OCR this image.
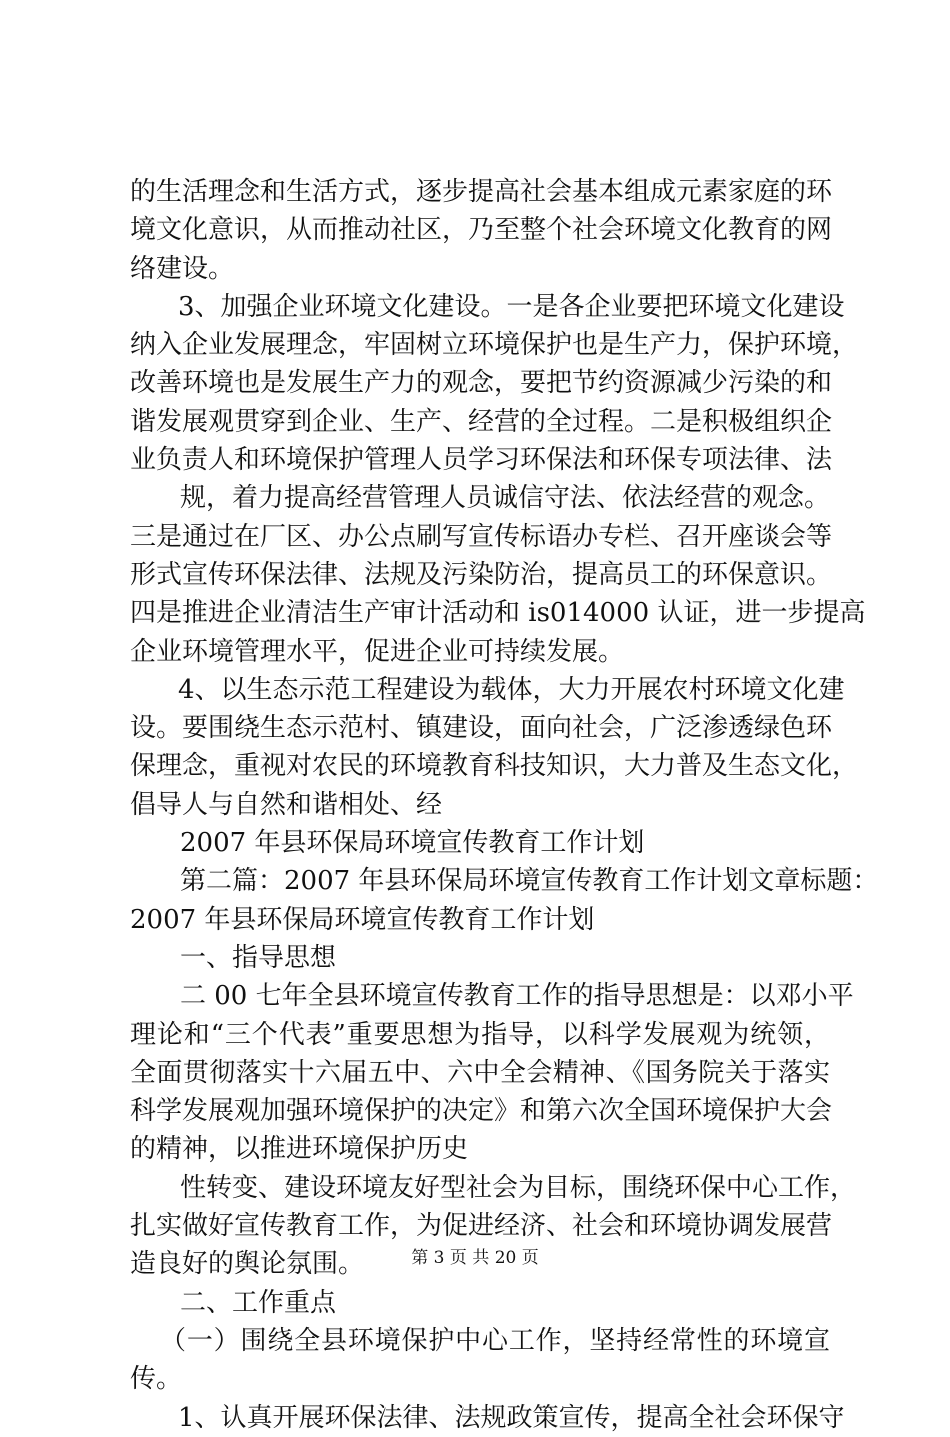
的生活理念和生活方式，逐步提高社会基本组成元素家庭的环
境文化意识，从而推动社区，乃至整个社会环境文化教育的网
络建设。
3、加强企业环境文化建设。一是各企业要把环境文化建设
纳入企业发展理念，牢固树立环境保护也是生产力，保护环境，
改善环境也是发展生产力的观念，要把节约资源减少污染的和
谐发展观贯穿到企业、生产、经营的全过程。二是积极组织企
业负责人和环境保护管理人员学习环保法和环保专项法律、法
规，着力提高经营管理人员诚信守法、依法经营的观念。
三是通过在厂区、办公点刷写宣传标语办专栏、召开座谈会等
形式宣传环保法律、法规及污染防治，提高员工的环保意识。
四是推进企业清洁生产审计活动和 is014000 认证，进一步提高
企业环境管理水平，促进企业可持续发展。
4、以生态示范工程建设为载体，大力开展农村环境文化建
设。要围绕生态示范村、镇建设，面向社会，广泛渗透绿色环
保理念，重视对农民的环境教育科技知识，大力普及生态文化，
倡导人与自然和谐相处、经
2007 年县环保局环境宣传教育工作计划
第二篇：2007 年县环保局环境宣传教育工作计划文章标题：
2007 年县环保局环境宣传教育工作计划
一、指导思想
二 00 七年全县环境宣传教育工作的指导思想是：以邓小平
理论和“三个代表”重要思想为指导，以科学发展观为统领，
全面贯彻落实十六届五中、六中全会精神、《国务院关于落实
科学发展观加强环境保护的决定》和第六次全国环境保护大会
的精神，以推进环境保护历史
性转变、建设环境友好型社会为目标，围绕环保中心工作，
扎实做好宣传教育工作，为促进经济、社会和环境协调发展营
造良好的舆论氛围。
二、工作重点
（一）围绕全县环境保护中心工作，坚持经常性的环境宣
传。
1、认真开展环保法律、法规政策宣传，提高全社会环保守
第 3 页 共 20 页
